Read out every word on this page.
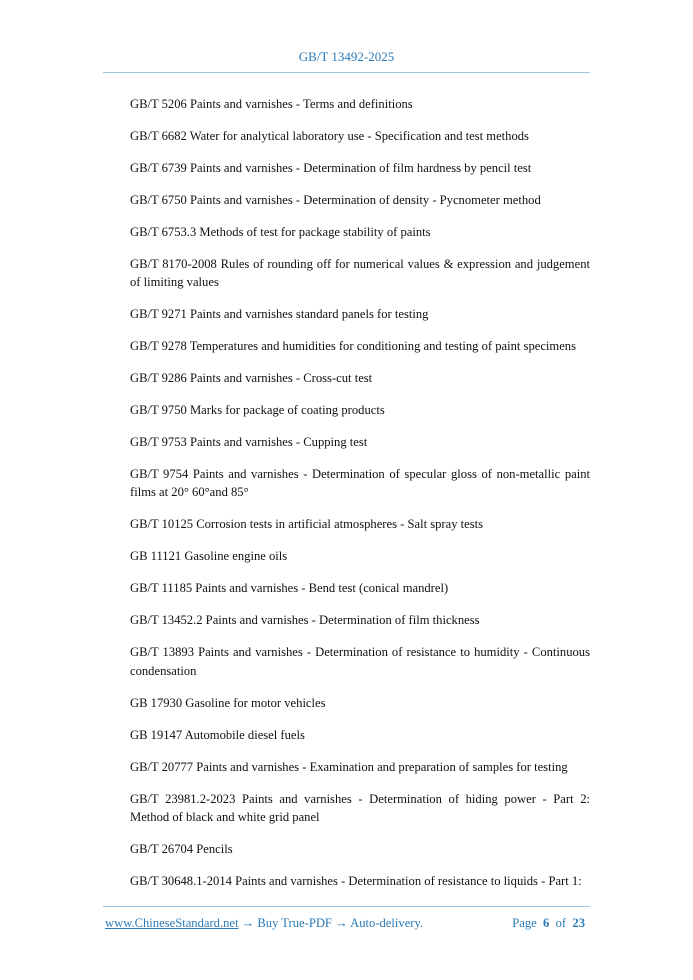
GB/T 13492-2025

GB/T 5206 Paints and varnishes - Terms and definitions

GB/T 6682 Water for analytical laboratory use - Specification and test methods

GB/T 6739 Paints and varnishes - Determination of film hardness by pencil test

GB/T 6750 Paints and varnishes - Determination of density - Pycnometer method

GB/T 6753.3 Methods of test for package stability of paints

GB/T 8170-2008 Rules of rounding off for numerical values & expression and judgement of limiting values

GB/T 9271 Paints and varnishes standard panels for testing

GB/T 9278 Temperatures and humidities for conditioning and testing of paint specimens

GB/T 9286 Paints and varnishes - Cross-cut test

GB/T 9750 Marks for package of coating products

GB/T 9753 Paints and varnishes - Cupping test

GB/T 9754 Paints and varnishes - Determination of specular gloss of non-metallic paint films at 20° 60°and 85°

GB/T 10125 Corrosion tests in artificial atmospheres - Salt spray tests

GB 11121 Gasoline engine oils

GB/T 11185 Paints and varnishes - Bend test (conical mandrel)

GB/T 13452.2 Paints and varnishes - Determination of film thickness

GB/T 13893 Paints and varnishes - Determination of resistance to humidity - Continuous condensation

GB 17930 Gasoline for motor vehicles

GB 19147 Automobile diesel fuels

GB/T 20777 Paints and varnishes - Examination and preparation of samples for testing

GB/T 23981.2-2023 Paints and varnishes - Determination of hiding power - Part 2: Method of black and white grid panel

GB/T 26704 Pencils

GB/T 30648.1-2014 Paints and varnishes - Determination of resistance to liquids - Part 1:

www.ChineseStandard.net → Buy True-PDF → Auto-delivery.	Page 6 of 23
